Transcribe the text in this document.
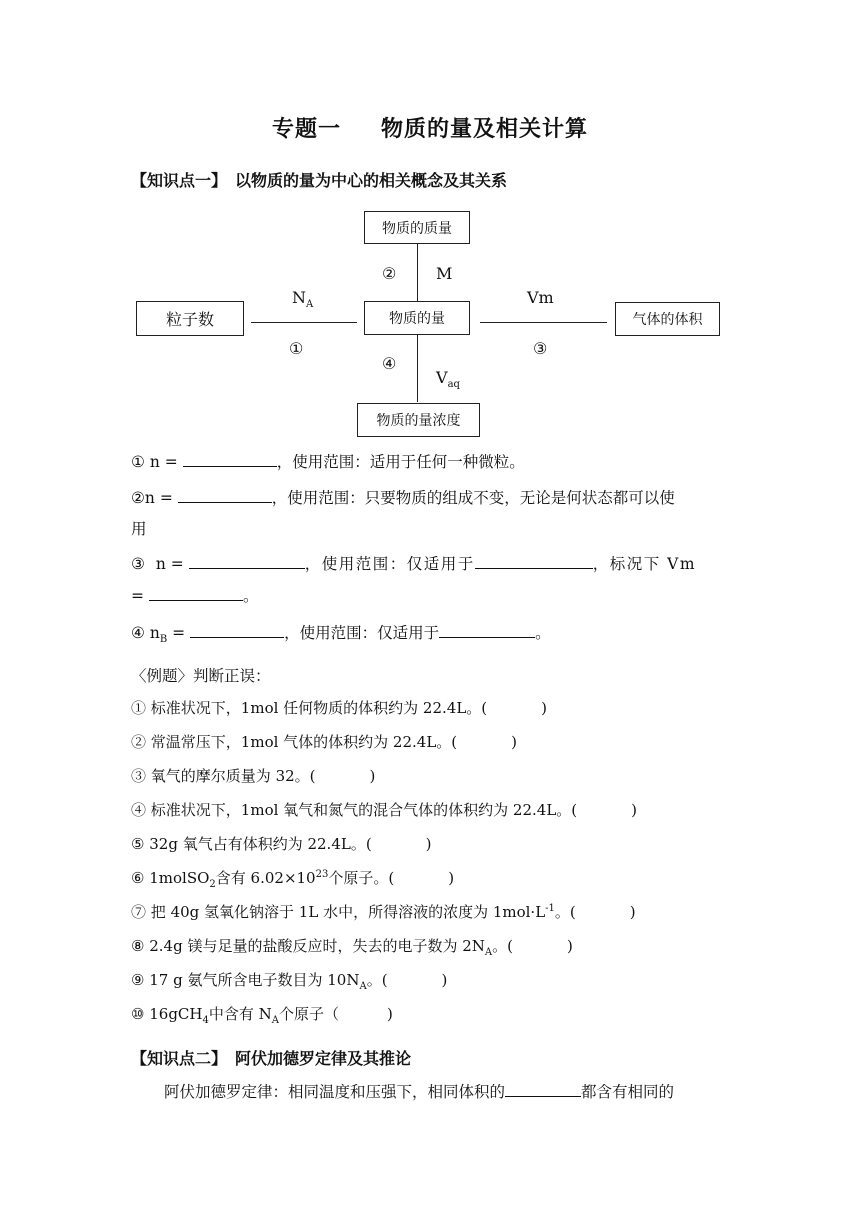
专题一 物质的量及相关计算
【知识点一】 以物质的量为中心的相关概念及其关系
物质的质量
粒子数	物质的量	气体的体积
物质的量浓度
$N_A$
M
Vm
$V_{aq}$
①
②
③
④
① n =	，使用范围：适用于任何一种微粒。
②n =	，使用范围：只要物质的组成不变，无论是何状态都可以使
用
③ n =	，使用范围：仅适用于	，标况下 Vm
=	。
④ $n_B$ =	，使用范围：仅适用于	。
〈例题〉判断正误：
① 标准状况下，1mol 任何物质的体积约为 22.4L。(	)
② 常温常压下，1mol 气体的体积约为 22.4L。(	)
③ 氧气的摩尔质量为 32。(	)
④ 标准状况下，1mol 氧气和氮气的混合气体的体积约为 22.4L。(	)
⑤ 32g 氧气占有体积约为 22.4L。(	)
⑥ 1molSO$_2$含有 $6.02\times 10^{23}$个原子。(	)
⑦ 把 40g 氢氧化钠溶于 1L 水中，所得溶液的浓度为 $1mol\cdot L^{-1}$。(	)
⑧ 2.4g 镁与足量的盐酸反应时，失去的电子数为 $2N_A$。(	)
⑨ 17 g 氨气所含电子数目为 $10N_A$。(	)
⑩ 16gCH$_4$中含有 $N_A$个原子（	)
【知识点二】 阿伏加德罗定律及其推论
阿伏加德罗定律：相同温度和压强下，相同体积的	都含有相同的
